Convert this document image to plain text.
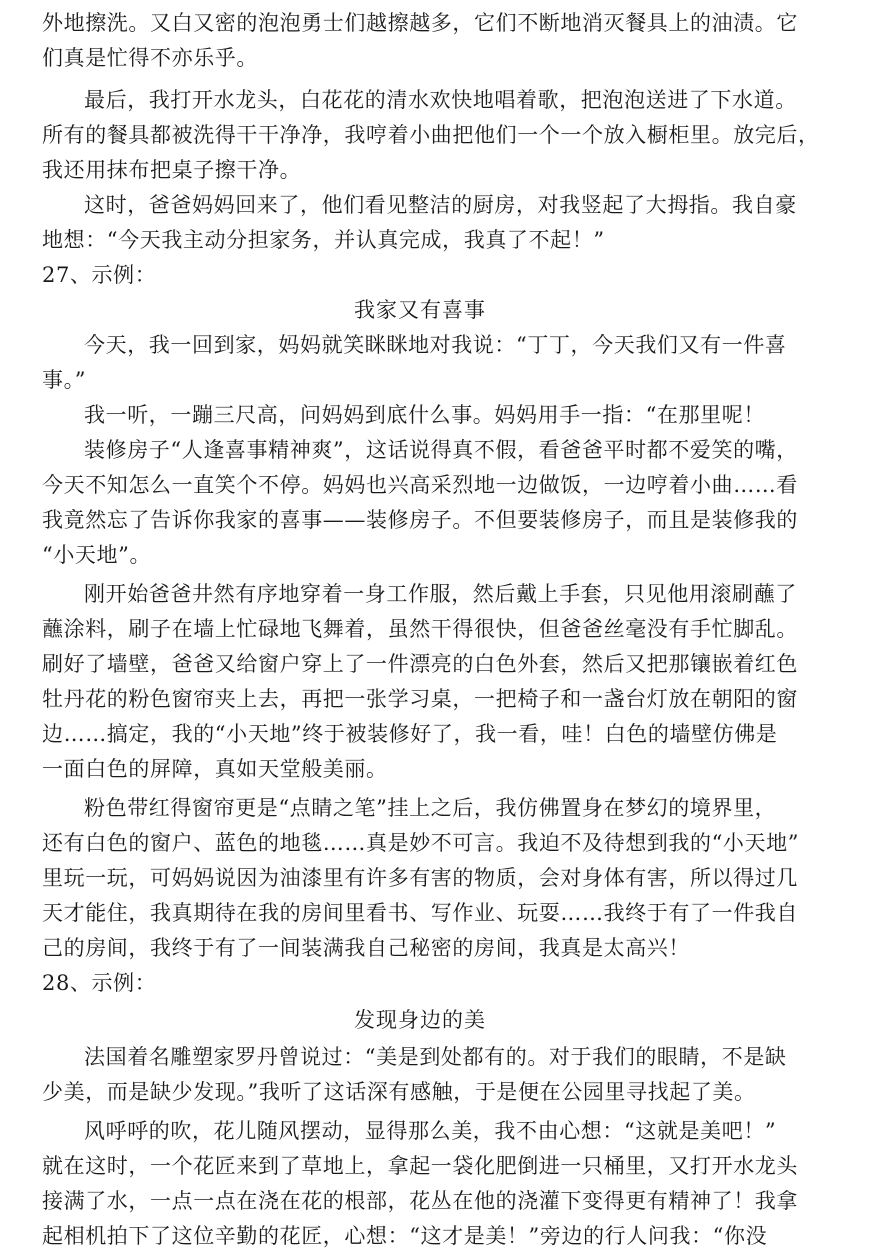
外地擦洗。又白又密的泡泡勇士们越擦越多，它们不断地消灭餐具上的油渍。它
们真是忙得不亦乐乎。
最后，我打开水龙头，白花花的清水欢快地唱着歌，把泡泡送进了下水道。
所有的餐具都被洗得干干净净，我哼着小曲把他们一个一个放入橱柜里。放完后，
我还用抹布把桌子擦干净。
这时，爸爸妈妈回来了，他们看见整洁的厨房，对我竖起了大拇指。我自豪
地想：“今天我主动分担家务，并认真完成，我真了不起！”
27、示例：
我家又有喜事
今天，我一回到家，妈妈就笑眯眯地对我说：“丁丁，今天我们又有一件喜
事。”
我一听，一蹦三尺高，问妈妈到底什么事。妈妈用手一指：“在那里呢！
装修房子“人逢喜事精神爽”，这话说得真不假，看爸爸平时都不爱笑的嘴，
今天不知怎么一直笑个不停。妈妈也兴高采烈地一边做饭，一边哼着小曲……看
我竟然忘了告诉你我家的喜事——装修房子。不但要装修房子，而且是装修我的
“小天地”。
刚开始爸爸井然有序地穿着一身工作服，然后戴上手套，只见他用滚刷蘸了
蘸涂料，刷子在墙上忙碌地飞舞着，虽然干得很快，但爸爸丝毫没有手忙脚乱。
刷好了墙壁，爸爸又给窗户穿上了一件漂亮的白色外套，然后又把那镶嵌着红色
牡丹花的粉色窗帘夹上去，再把一张学习桌，一把椅子和一盏台灯放在朝阳的窗
边……搞定，我的“小天地”终于被装修好了，我一看，哇！白色的墙壁仿佛是
一面白色的屏障，真如天堂般美丽。
粉色带红得窗帘更是“点睛之笔”挂上之后，我仿佛置身在梦幻的境界里，
还有白色的窗户、蓝色的地毯……真是妙不可言。我迫不及待想到我的“小天地”
里玩一玩，可妈妈说因为油漆里有许多有害的物质，会对身体有害，所以得过几
天才能住，我真期待在我的房间里看书、写作业、玩耍……我终于有了一件我自
己的房间，我终于有了一间装满我自己秘密的房间，我真是太高兴！
28、示例：
发现身边的美
法国着名雕塑家罗丹曾说过：“美是到处都有的。对于我们的眼睛，不是缺
少美，而是缺少发现。”我听了这话深有感触，于是便在公园里寻找起了美。
风呼呼的吹，花儿随风摆动，显得那么美，我不由心想：“这就是美吧！”
就在这时，一个花匠来到了草地上，拿起一袋化肥倒进一只桶里，又打开水龙头
接满了水，一点一点在浇在花的根部，花丛在他的浇灌下变得更有精神了！我拿
起相机拍下了这位辛勤的花匠，心想：“这才是美！”旁边的行人问我：“你没
